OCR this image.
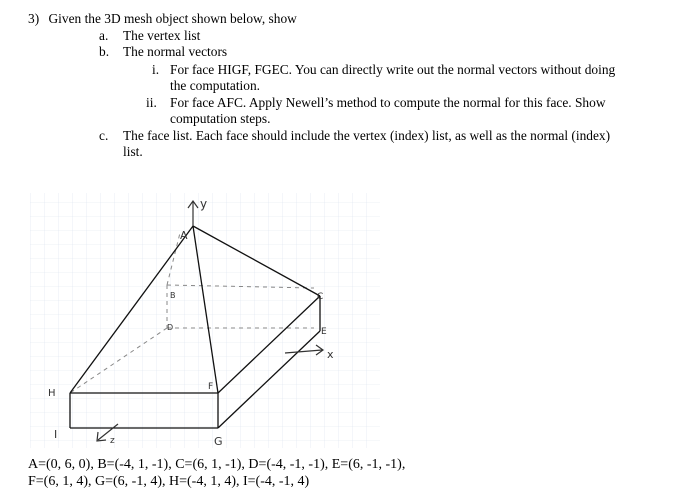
3) Given the 3D mesh object shown below, show
a. The vertex list
b. The normal vectors
i. For face HIGF, FGEC. You can directly write out the normal vectors without doing
the computation.
ii. For face AFC. Apply Newell’s method to compute the normal for this face. Show
computation steps.
c. The face list. Each face should include the vertex (index) list, as well as the normal (index)
list.
A
B	C
D	E
F
G
H
I
y
x
z
A=(0, 6, 0), B=(-4, 1, -1), C=(6, 1, -1), D=(-4, -1, -1), E=(6, -1, -1),
F=(6, 1, 4), G=(6, -1, 4), H=(-4, 1, 4), I=(-4, -1, 4)
